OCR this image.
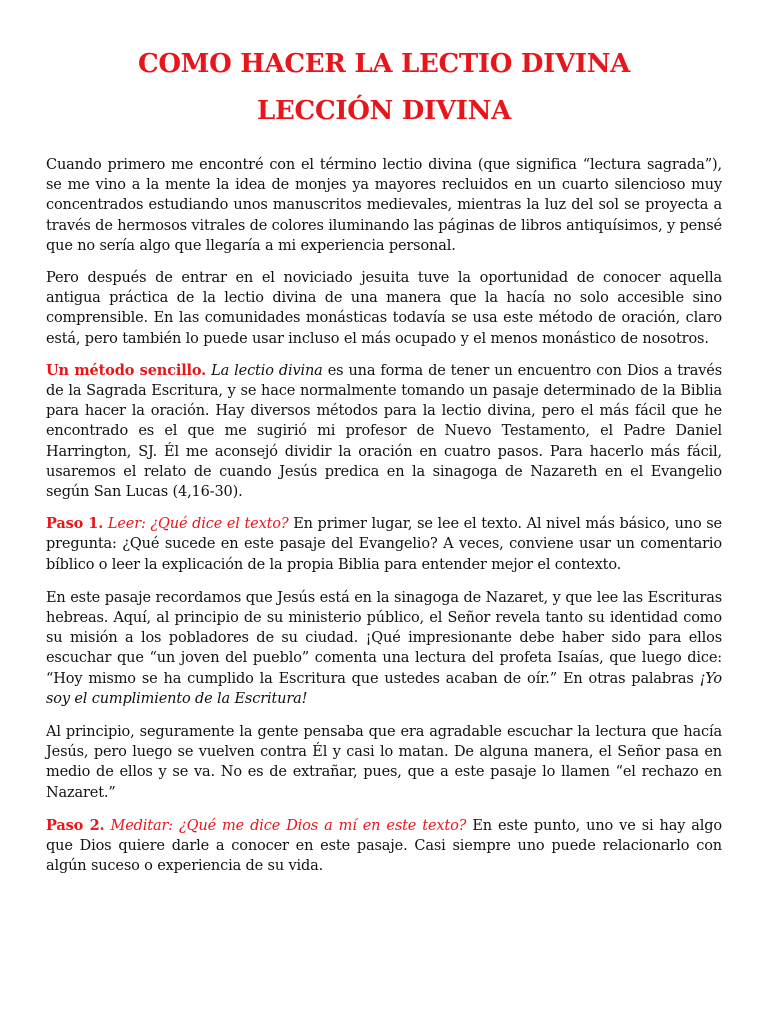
COMO HACER LA LECTIO DIVINA
LECCIÓN DIVINA

Cuando primero me encontré con el término lectio divina (que significa “lectura sagrada”), se me vino a la mente la idea de monjes ya mayores recluidos en un cuarto silencioso muy concentrados estudiando unos manuscritos medievales, mientras la luz del sol se proyecta a través de hermosos vitrales de colores iluminando las páginas de libros antiquísimos, y pensé que no sería algo que llegaría a mi experiencia personal.

Pero después de entrar en el noviciado jesuita tuve la oportunidad de conocer aquella antigua práctica de la lectio divina de una manera que la hacía no solo accesible sino comprensible. En las comunidades monásticas todavía se usa este método de oración, claro está, pero también lo puede usar incluso el más ocupado y el menos monástico de nosotros.

Un método sencillo. La lectio divina es una forma de tener un encuentro con Dios a través de la Sagrada Escritura, y se hace normalmente tomando un pasaje determinado de la Biblia para hacer la oración. Hay diversos métodos para la lectio divina, pero el más fácil que he encontrado es el que me sugirió mi profesor de Nuevo Testamento, el Padre Daniel Harrington, SJ. Él me aconsejó dividir la oración en cuatro pasos. Para hacerlo más fácil, usaremos el relato de cuando Jesús predica en la sinagoga de Nazareth en el Evangelio según San Lucas (4,16-30).

Paso 1. Leer: ¿Qué dice el texto? En primer lugar, se lee el texto. Al nivel más básico, uno se pregunta: ¿Qué sucede en este pasaje del Evangelio? A veces, conviene usar un comentario bíblico o leer la explicación de la propia Biblia para entender mejor el contexto.

En este pasaje recordamos que Jesús está en la sinagoga de Nazaret, y que lee las Escrituras hebreas. Aquí, al principio de su ministerio público, el Señor revela tanto su identidad como su misión a los pobladores de su ciudad. ¡Qué impresionante debe haber sido para ellos escuchar que “un joven del pueblo” comenta una lectura del profeta Isaías, que luego dice: “Hoy mismo se ha cumplido la Escritura que ustedes acaban de oír.” En otras palabras ¡Yo soy el cumplimiento de la Escritura!

Al principio, seguramente la gente pensaba que era agradable escuchar la lectura que hacía Jesús, pero luego se vuelven contra Él y casi lo matan. De alguna manera, el Señor pasa en medio de ellos y se va. No es de extrañar, pues, que a este pasaje lo llamen “el rechazo en Nazaret.”

Paso 2. Meditar: ¿Qué me dice Dios a mí en este texto? En este punto, uno ve si hay algo que Dios quiere darle a conocer en este pasaje. Casi siempre uno puede relacionarlo con algún suceso o experiencia de su vida.
